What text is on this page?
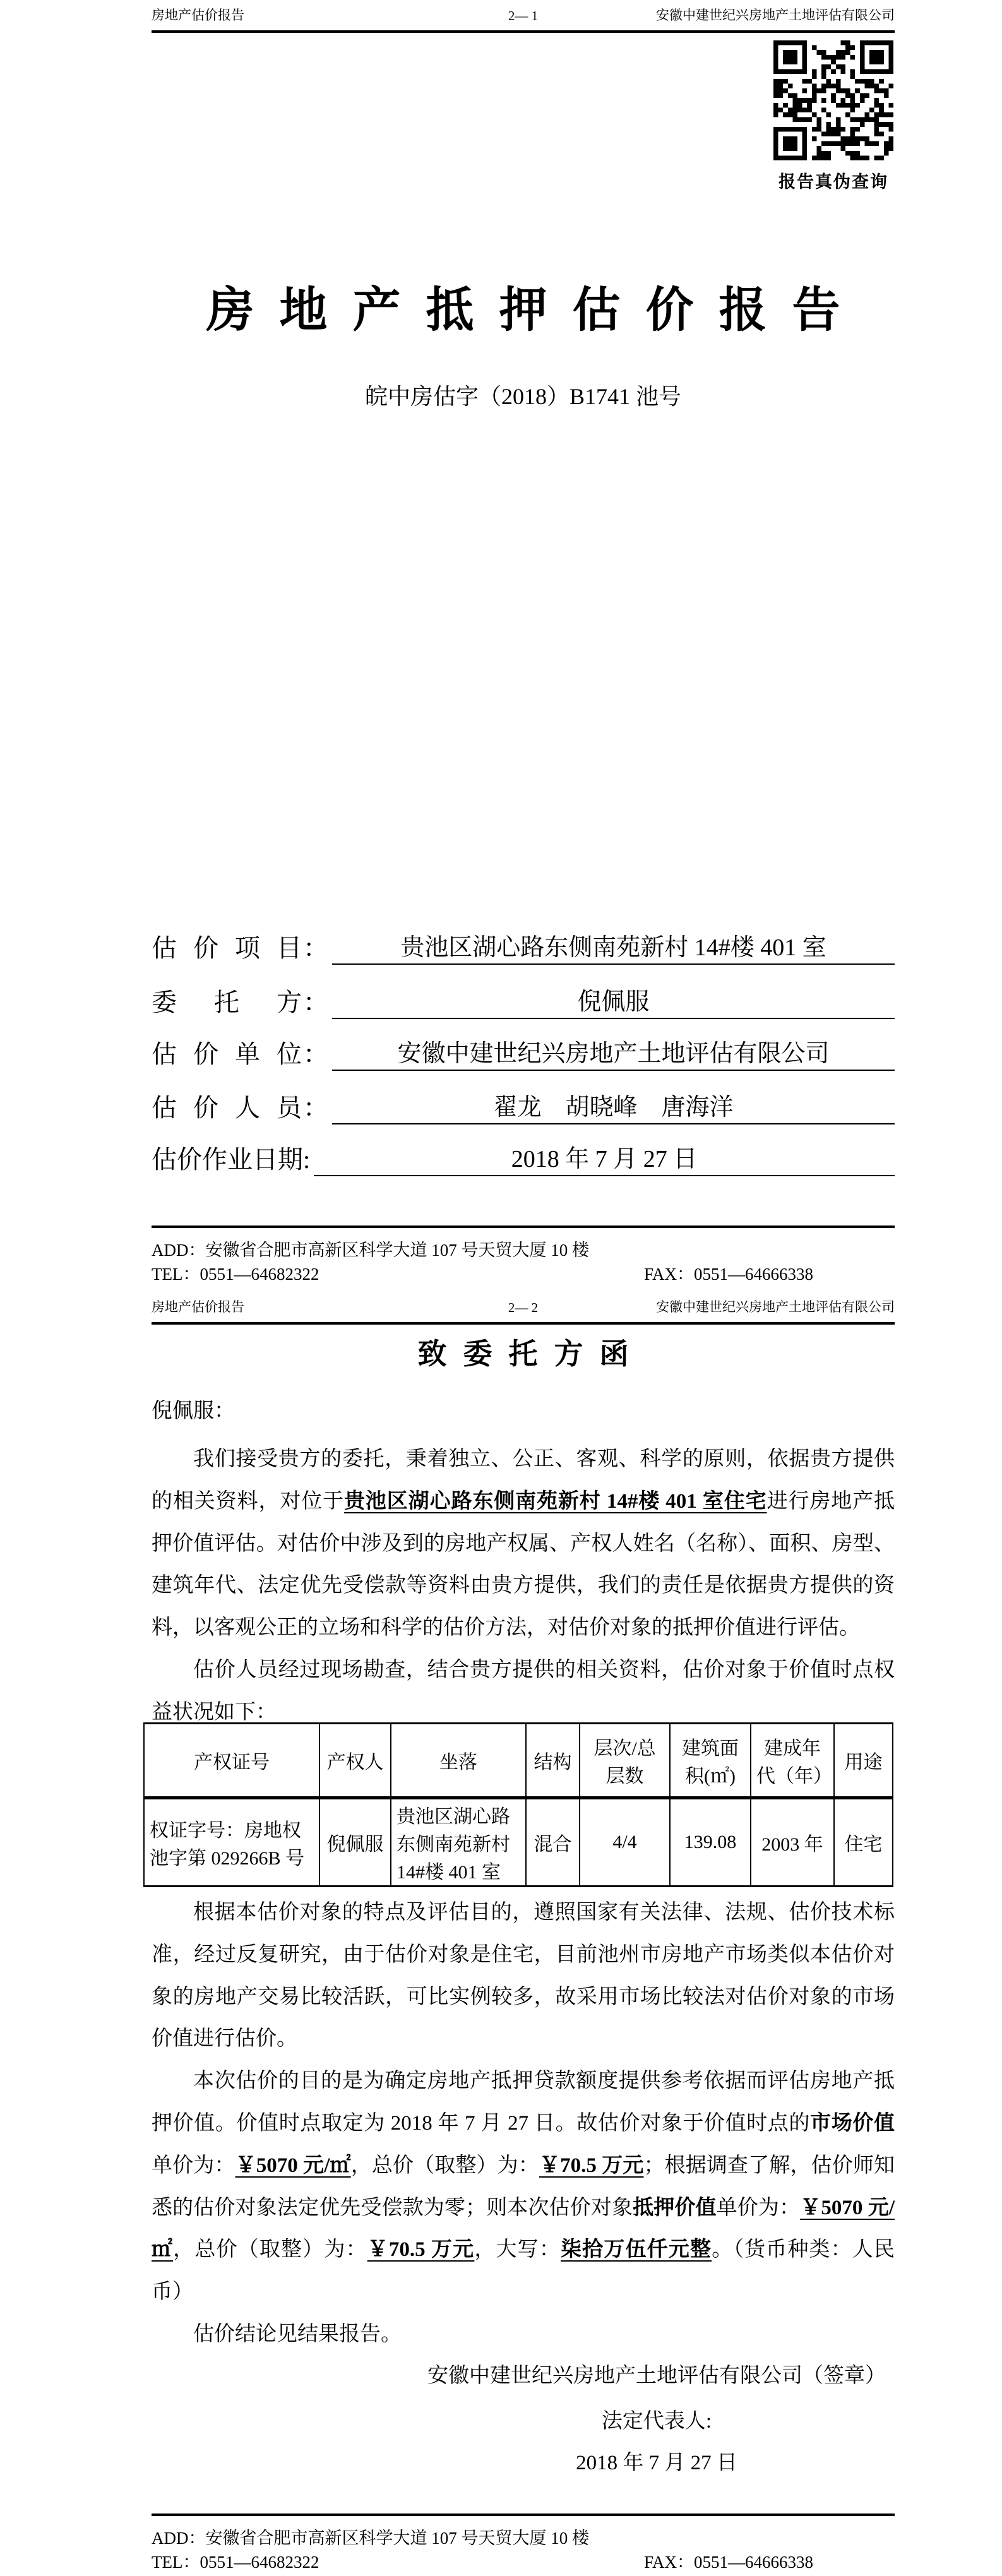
房地产估价报告	2— 1	安徽中建世纪兴房地产土地评估有限公司
报告真伪查询
房地产抵押估价报告
皖中房估字（2018）B1741 池号
估 价 项 目 ：	贵池区湖心路东侧南苑新村 14#楼 401 室
委 托 方 ：	倪佩服
估 价 单 位 ：	安徽中建世纪兴房地产土地评估有限公司
估 价 人 员 ：	翟龙　胡晓峰　唐海洋
估 价 作 业 日 期 :	2018 年 7 月 27 日
ADD：安徽省合肥市高新区科学大道 107 号天贸大厦 10 楼
TEL：0551—64682322	FAX：0551—64666338
房地产估价报告	2— 2	安徽中建世纪兴房地产土地评估有限公司
致委托方函
倪佩服：

我们接受贵方的委托，秉着独立、公正、客观、科学的原则，依据贵方提供的相关资料，对位于贵池区湖心路东侧南苑新村 14#楼 401 室住宅进行房地产抵押价值评估。对估价中涉及到的房地产权属、产权人姓名（名称）、面积、房型、建筑年代、法定优先受偿款等资料由贵方提供，我们的责任是依据贵方提供的资料，以客观公正的立场和科学的估价方法，对估价对象的抵押价值进行评估。

估价人员经过现场勘查，结合贵方提供的相关资料，估价对象于价值时点权益状况如下：

产权证号	产权人	坐落	结构	层次/总层数	建筑面积(㎡)	建成年代（年）	用途
权证字号：房地权池字第 029266B 号	倪佩服	贵池区湖心路东侧南苑新村 14#楼 401 室	混合	4/4	139.08	2003 年	住宅

根据本估价对象的特点及评估目的，遵照国家有关法律、法规、估价技术标准，经过反复研究，由于估价对象是住宅，目前池州市房地产市场类似本估价对象的房地产交易比较活跃，可比实例较多，故采用市场比较法对估价对象的市场价值进行估价。

本次估价的目的是为确定房地产抵押贷款额度提供参考依据而评估房地产抵押价值。价值时点取定为 2018 年 7 月 27 日。故估价对象于价值时点的市场价值单价为：￥5070 元/㎡，总价（取整）为：￥70.5 万元；根据调查了解，估价师知悉的估价对象法定优先受偿款为零；则本次估价对象抵押价值单价为：￥5070 元/㎡，总价（取整）为：￥70.5 万元，大写：柒拾万伍仟元整。（货币种类：人民币）

估价结论见结果报告。

安徽中建世纪兴房地产土地评估有限公司（签章）
法定代表人:
2018 年 7 月 27 日
ADD：安徽省合肥市高新区科学大道 107 号天贸大厦 10 楼
TEL：0551—64682322	FAX：0551—64666338
